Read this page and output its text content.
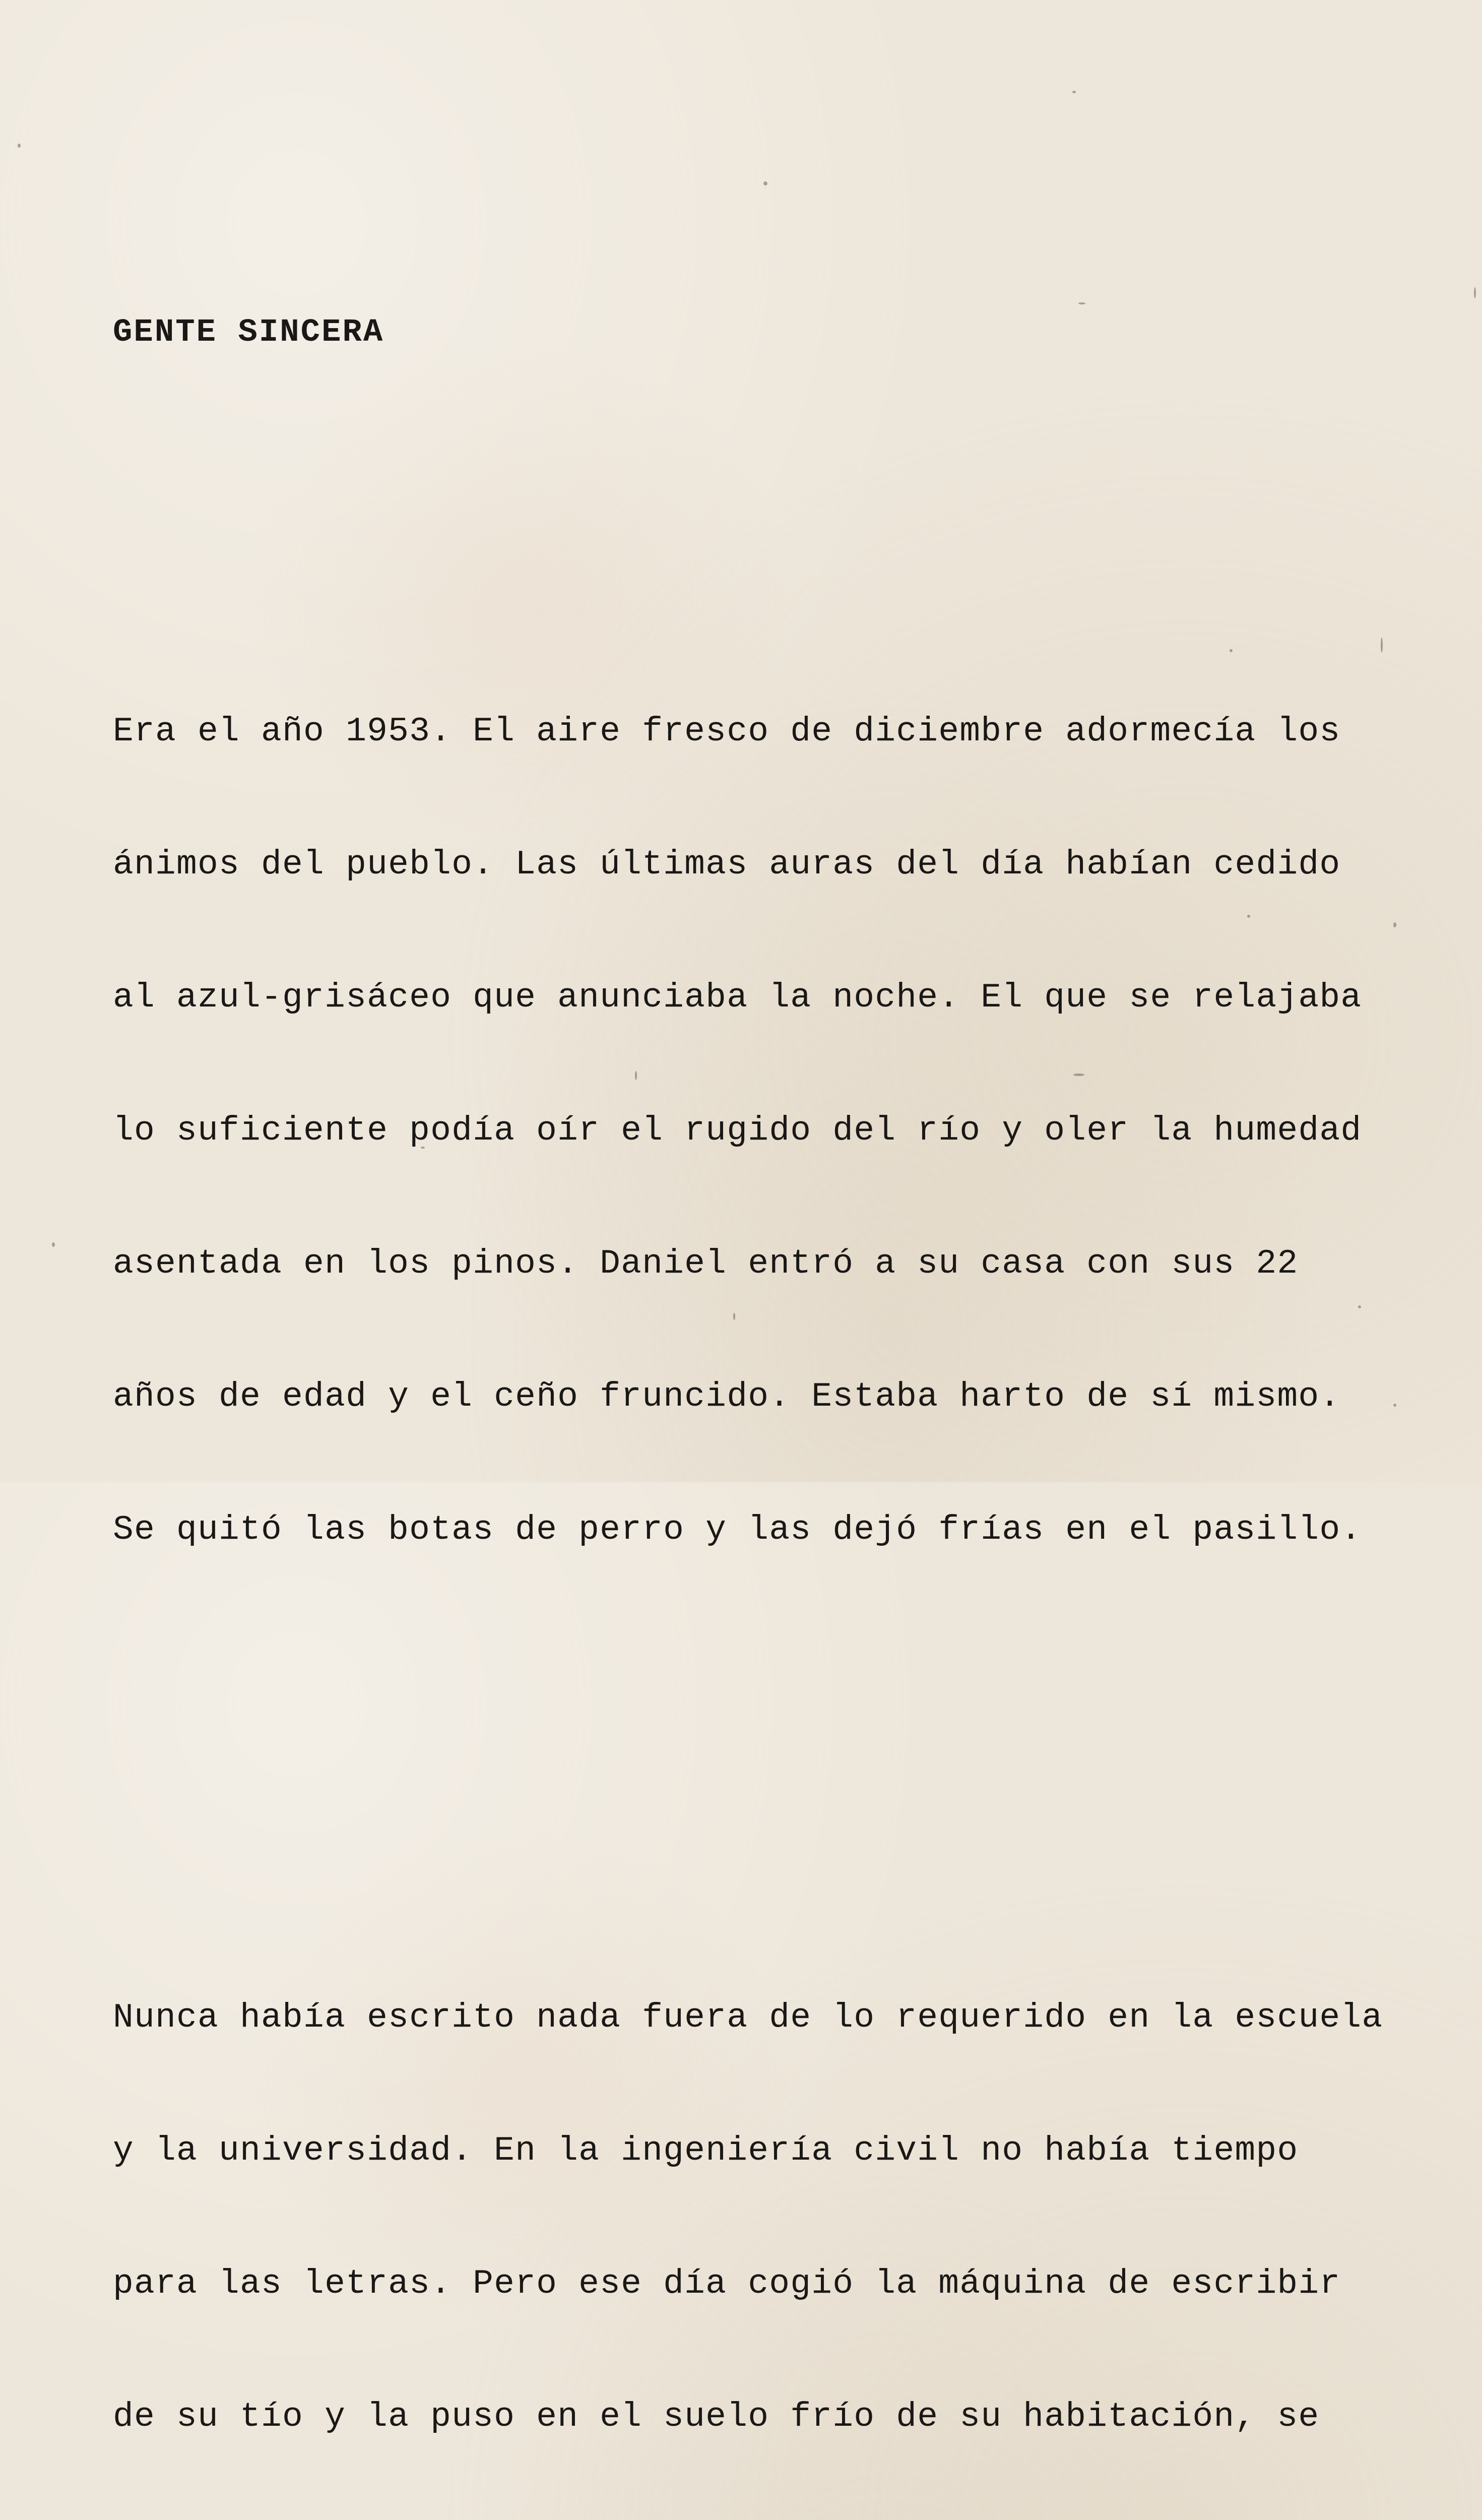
GENTE SINCERA

Era el año 1953. El aire fresco de diciembre adormecía los

ánimos del pueblo. Las últimas auras del día habían cedido

al azul-grisáceo que anunciaba la noche. El que se relajaba

lo suficiente podía oír el rugido del río y oler la humedad

asentada en los pinos. Daniel entró a su casa con sus 22

años de edad y el ceño fruncido. Estaba harto de sí mismo.

Se quitó las botas de perro y las dejó frías en el pasillo.

Nunca había escrito nada fuera de lo requerido en la escuela

y la universidad. En la ingeniería civil no había tiempo

para las letras. Pero ese día cogió la máquina de escribir

de su tío y la puso en el suelo frío de su habitación, se
